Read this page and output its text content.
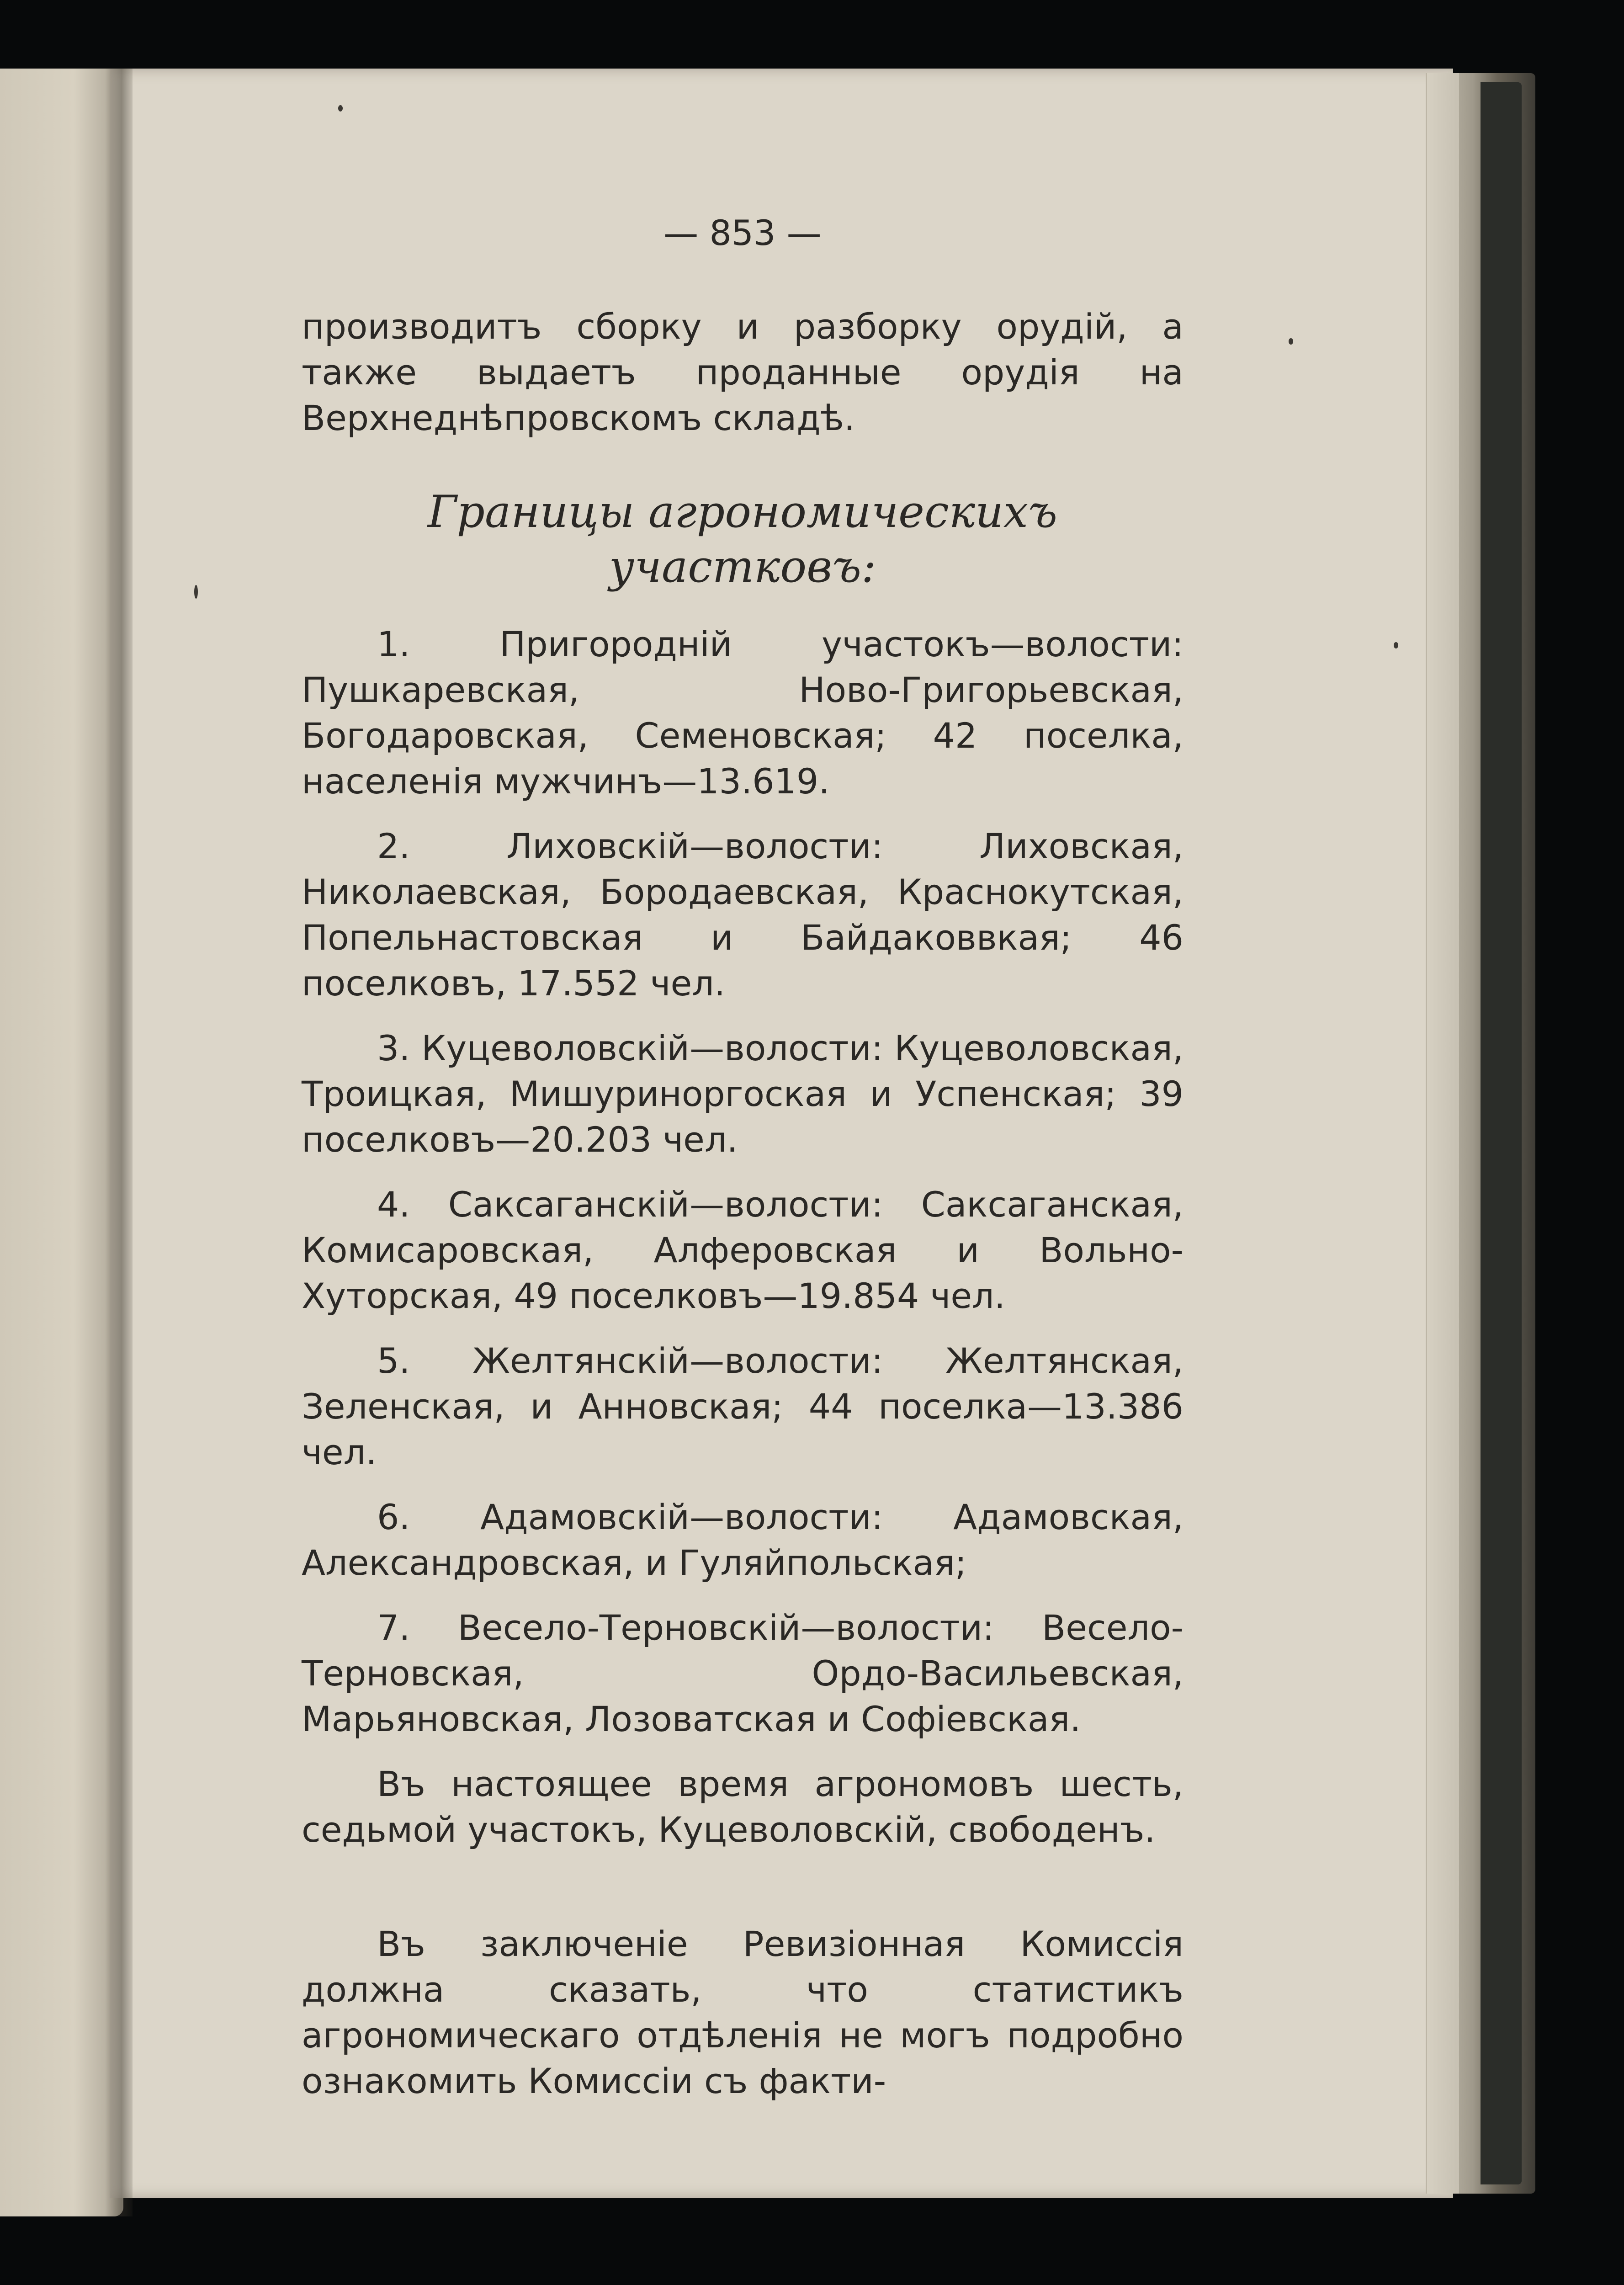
— 853 —

производитъ сборку и разборку орудій, а также выдаетъ проданные орудія на Верхнеднѣпровскомъ складѣ.

Границы агрономическихъ участковъ:

1. Пригородній участокъ—волости: Пушкаревская, Ново-Григорьевская, Богодаровская, Семеновская; 42 поселка, населенія мужчинъ—13.619.

2. Лиховскій—волости: Лиховская, Николаевская, Бородаевская, Краснокутская, Попельнастовская и Байдаковвкая; 46 поселковъ, 17.552 чел.

3. Куцеволовскій—волости: Куцеволовская, Троицкая, Мишуриноргоская и Успенская; 39 поселковъ—20.203 чел.

4. Саксаганскій—волости: Саксаганская, Комисаровская, Алферовская и Вольно-Хуторская, 49 поселковъ—19.854 чел.

5. Желтянскій—волости: Желтянская, Зеленская, и Анновская; 44 поселка—13.386 чел.

6. Адамовскій—волости: Адамовская, Александровская, и Гуляйпольская;

7. Весело-Терновскій—волости: Весело-Терновская, Ордо-Васильевская, Марьяновская, Лозоватская и Софіевская.

Въ настоящее время агрономовъ шесть, седьмой участокъ, Куцеволовскій, свободенъ.

Въ заключеніе Ревизіонная Комиссія должна сказать, что статистикъ агрономическаго отдѣленія не могъ подробно ознакомить Комиссіи съ факти-
